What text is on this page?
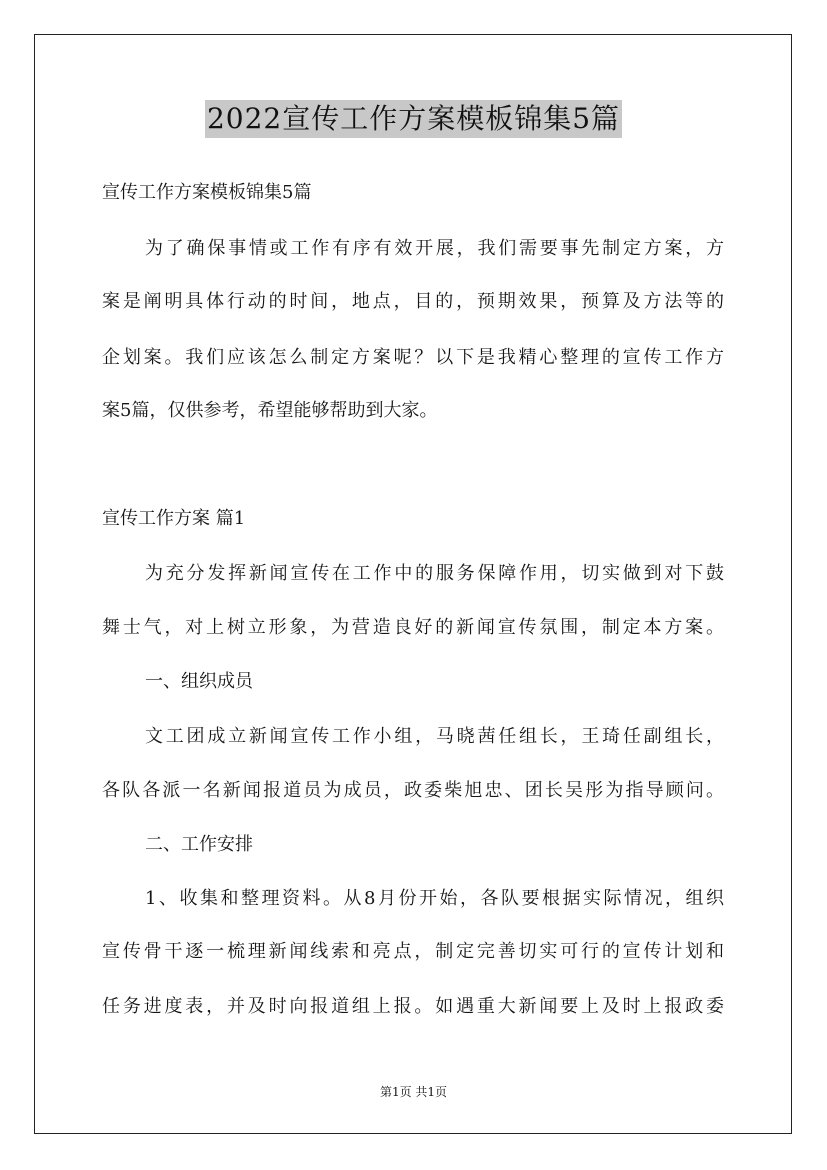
2022宣传工作方案模板锦集5篇
宣传工作方案模板锦集5篇
为了确保事情或工作有序有效开展，我们需要事先制定方案，方
案是阐明具体行动的时间，地点，目的，预期效果，预算及方法等的
企划案。我们应该怎么制定方案呢？以下是我精心整理的宣传工作方
案5篇，仅供参考，希望能够帮助到大家。
宣传工作方案 篇1
为充分发挥新闻宣传在工作中的服务保障作用，切实做到对下鼓
舞士气，对上树立形象，为营造良好的新闻宣传氛围，制定本方案。
一、组织成员
文工团成立新闻宣传工作小组，马晓茜任组长，王琦任副组长，
各队各派一名新闻报道员为成员，政委柴旭忠、团长吴彤为指导顾问。
二、工作安排
1、收集和整理资料。从8月份开始，各队要根据实际情况，组织
宣传骨干逐一梳理新闻线索和亮点，制定完善切实可行的宣传计划和
任务进度表，并及时向报道组上报。如遇重大新闻要上及时上报政委
第1页 共1页
